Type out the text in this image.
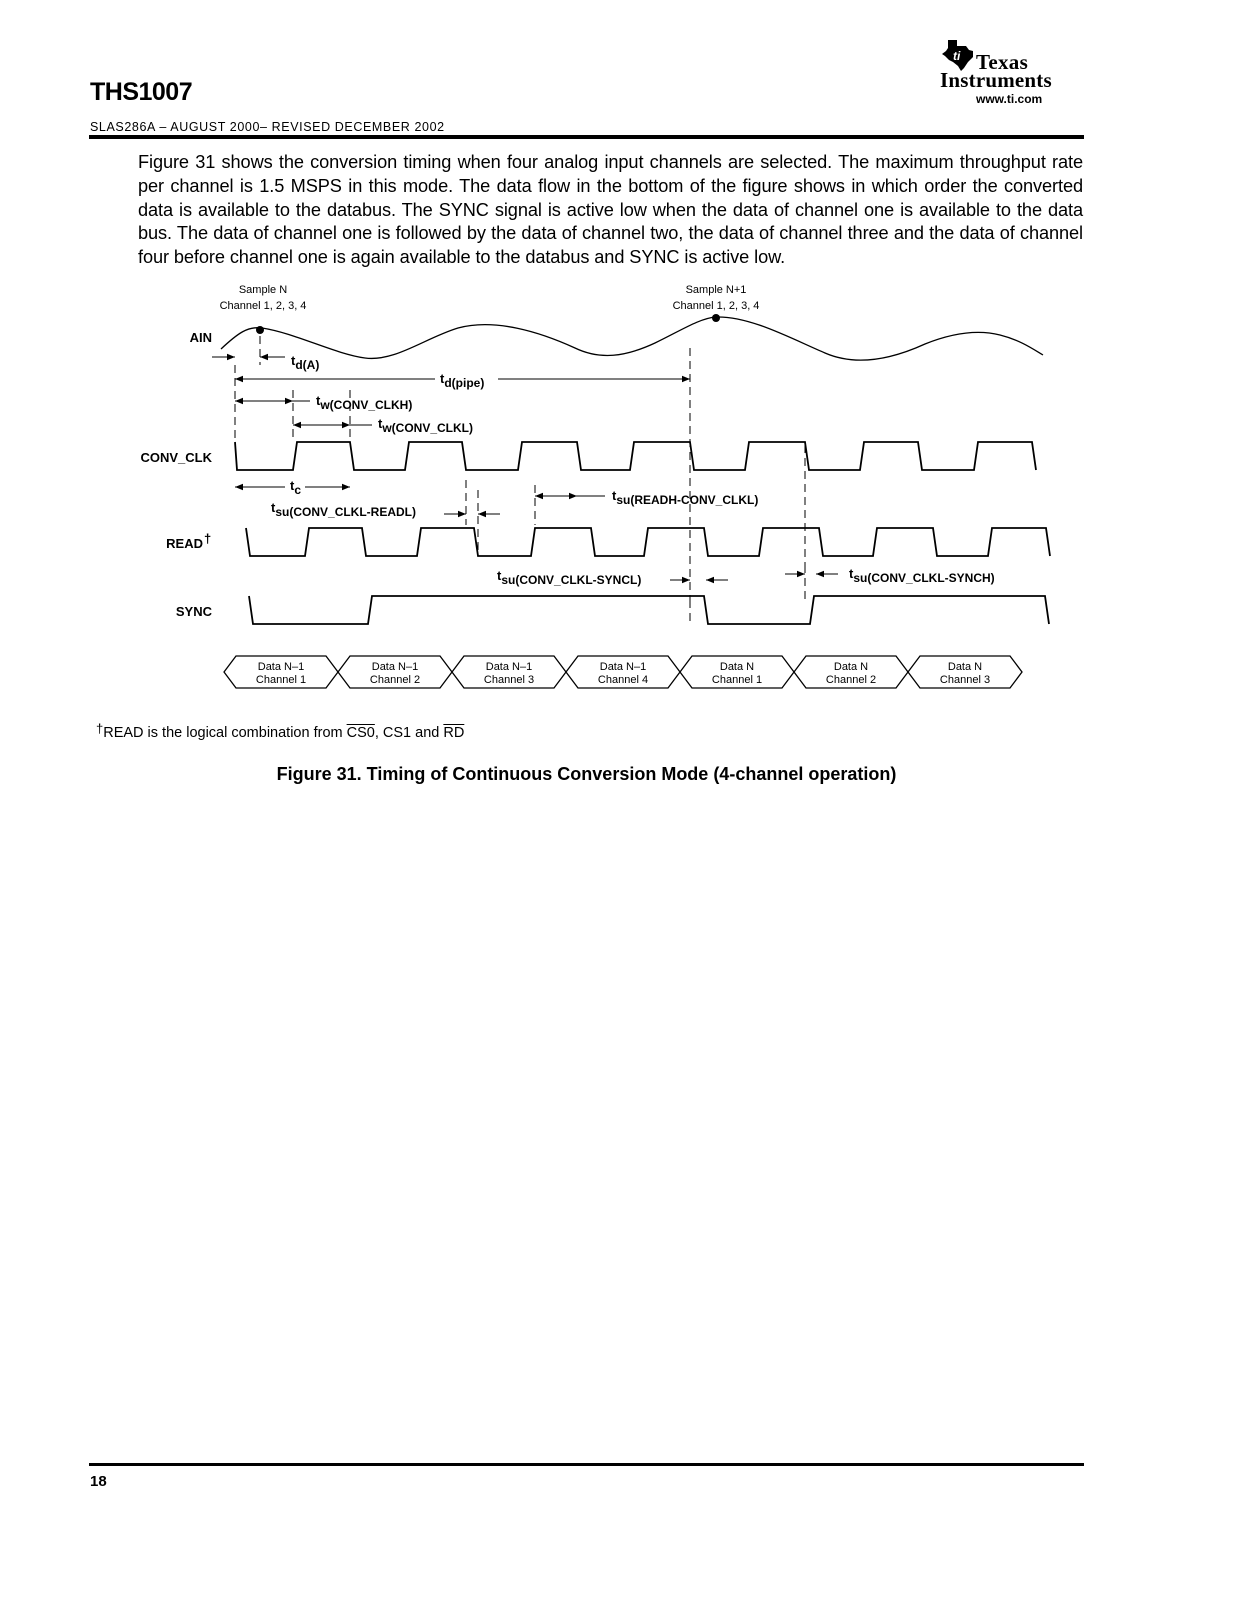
THS1007
SLAS286A – AUGUST 2000– REVISED DECEMBER 2002
ti Texas
Instruments
www.ti.com
Figure 31 shows the conversion timing when four analog input channels are selected. The maximum throughput rate per channel is 1.5 MSPS in this mode. The data flow in the bottom of the figure shows in which order the converted data is available to the databus. The SYNC signal is active low when the data of channel one is available to the data bus. The data of channel one is followed by the data of channel two, the data of channel three and the data of channel four before channel one is again available to the databus and SYNC is active low.
Sample N
Channel 1, 2, 3, 4
Sample N+1
Channel 1, 2, 3, 4
AIN
CONV_CLK
READ †
SYNC
td(A)
td(pipe)
tw(CONV_CLKH)
tw(CONV_CLKL)
tc
tsu(CONV_CLKL-READL)
tsu(READH-CONV_CLKL)
tsu(CONV_CLKL-SYNCL)	tsu(CONV_CLKL-SYNCH)
Data N–1
Channel 1
Data N–1
Channel 2
Data N–1
Channel 3
Data N–1
Channel 4
Data N
Channel 1
Data N
Channel 2
Data N
Channel 3
†READ is the logical combination from CS0, CS1 and $\overline{RD}$
Figure 31. Timing of Continuous Conversion Mode (4-channel operation)
18
